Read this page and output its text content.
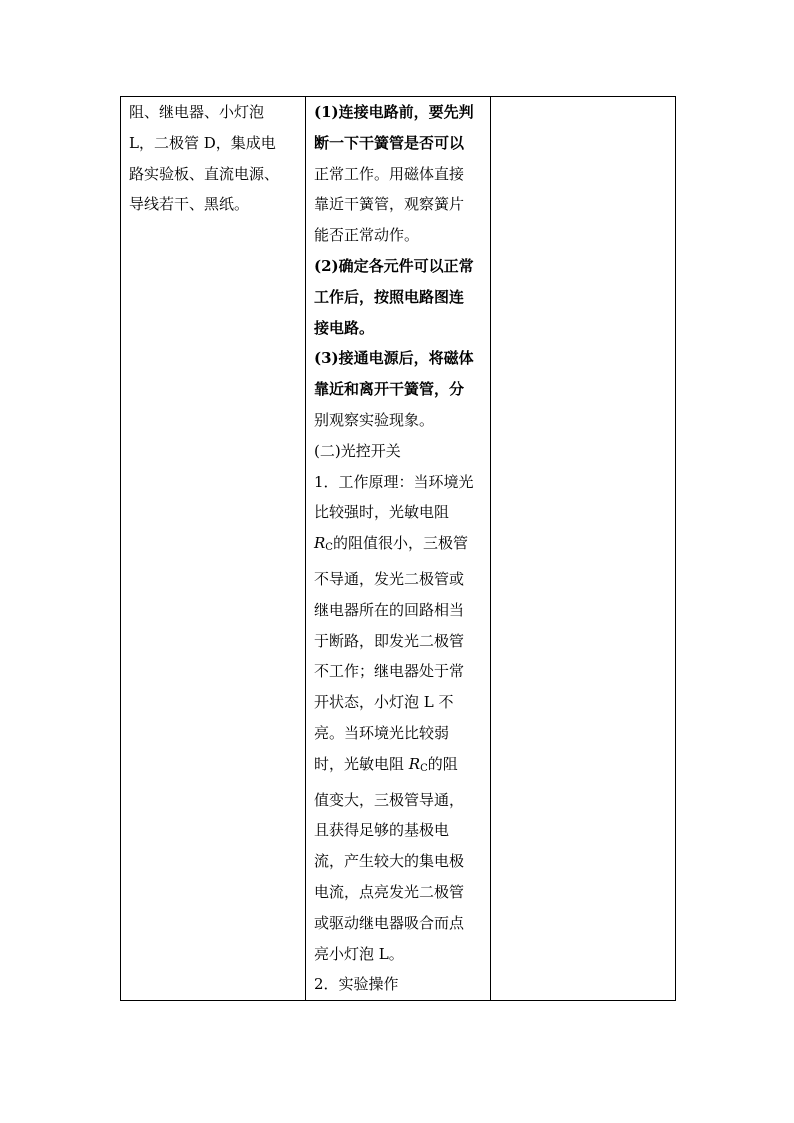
阻、继电器、小灯泡
L，二极管 D，集成电
路实验板、直流电源、
导线若干、黑纸。

(1)连接电路前，要先判
断一下干簧管是否可以
正常工作。用磁体直接
靠近干簧管，观察簧片
能否正常动作。
(2)确定各元件可以正常
工作后，按照电路图连
接电路。
(3)接通电源后，将磁体
靠近和离开干簧管，分
别观察实验现象。
(二)光控开关
1．工作原理：当环境光
比较强时，光敏电阻
$R_C$的阻值很小，三极管
不导通，发光二极管或
继电器所在的回路相当
于断路，即发光二极管
不工作；继电器处于常
开状态，小灯泡 L 不
亮。当环境光比较弱
时，光敏电阻 $R_C$的阻
值变大，三极管导通，
且获得足够的基极电
流，产生较大的集电极
电流，点亮发光二极管
或驱动继电器吸合而点
亮小灯泡 L。
2．实验操作
